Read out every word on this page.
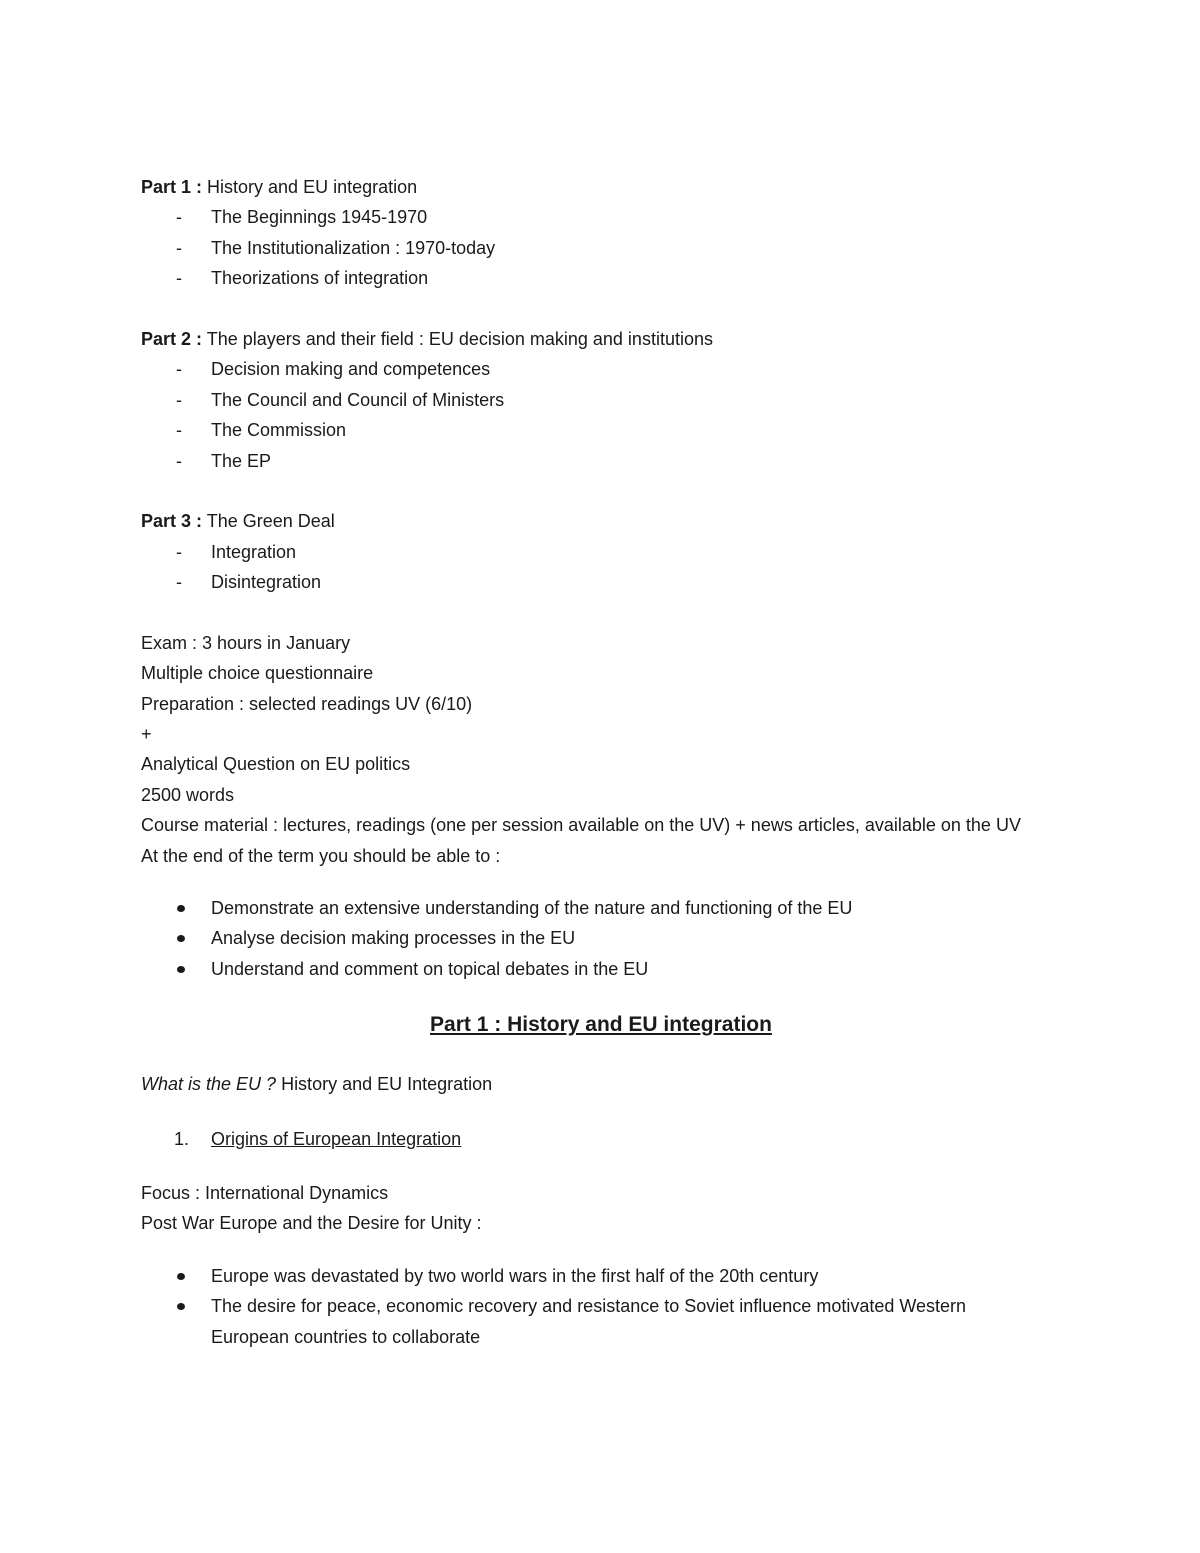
Part 1 : History and EU integration
- The Beginnings 1945-1970
- The Institutionalization : 1970-today
- Theorizations of integration
Part 2 : The players and their field : EU decision making and institutions
- Decision making and competences
- The Council and Council of Ministers
- The Commission
- The EP
Part 3 : The Green Deal
- Integration
- Disintegration
Exam : 3 hours in January
Multiple choice questionnaire
Preparation : selected readings UV (6/10)
+
Analytical Question on EU politics
2500 words
Course material : lectures, readings (one per session available on the UV) + news articles, available on the UV
At the end of the term you should be able to :
Demonstrate an extensive understanding of the nature and functioning of the EU
Analyse decision making processes in the EU
Understand and comment on topical debates in the EU
Part 1 : History and EU integration
What is the EU ? History and EU Integration
1. Origins of European Integration
Focus : International Dynamics
Post War Europe and the Desire for Unity :
Europe was devastated by two world wars in the first half of the 20th century
The desire for peace, economic recovery and resistance to Soviet influence motivated Western European countries to collaborate
